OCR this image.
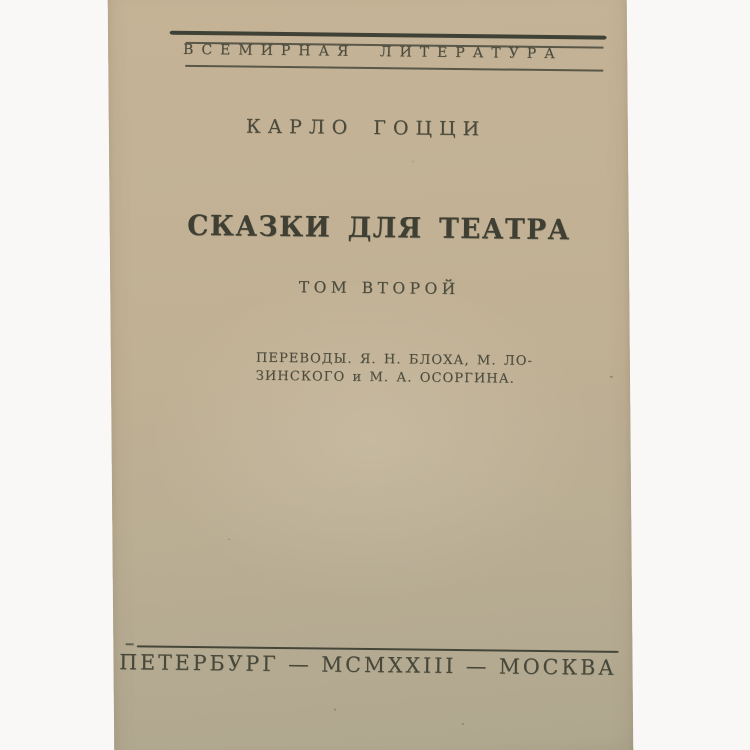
ВСЕМИРНАЯ ЛИТЕРАТУРА
КАРЛО ГОЦЦИ
СКАЗКИ ДЛЯ ТЕАТРА
ТОМ ВТОРОЙ
ПЕРЕВОДЫ. Я. Н. БЛОХА, М. ЛО-
ЗИНСКОГО и М. А. ОСОРГИНА.
ПЕТЕРБУРГ — MCMXXIII — МОСКВА
